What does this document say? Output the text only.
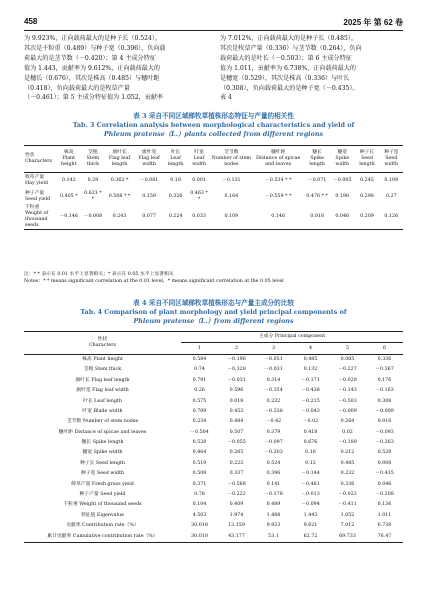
458	2025 年 第 62 卷

为 9.923%，正向载荷最大的是种子长（0.524），

其次是千粒重（0.489）与种子宽（0.396），负向载

荷最大的是茎节数（－0.420）；第 4 主成分特征

值为 1.443，贡献率为 9.612%，正向载荷最大的

是穗长（0.676），其次是株高（0.485）与穗叶距

（0.418），负向载荷最大的是牧草产量

（－0.461）；第 5 主成分特征值为 1.052，贡献率

为 7.012%，正向载荷最大的是种子长（0.485），

其次是牧草产量（0.336）与茎节数（0.264），负向

载荷最大的是叶长（－0.503）；第 6 主成分特征

值为 1.011，贡献率为 6.738%，正向载荷最大的

是穗宽（0.529），其次是株高（0.336）与叶长

（0.308），负向载荷最大的是种子宽（－0.435）。

表 4

表 3 采自不同区域梯牧草植株形态特征与产量的相关性
Tab. 3 Correlation analysis between morphological characteristics and yield of
Phleum pratense（L.）plants collected from different regions
性状
Characters	株高
Plant height	茎粗
Stem thick	旗叶长
Flag leaf length	旗叶宽
Flag leaf width	叶长
Leaf length	叶宽
Leaf width	茎节数
Number of stem nodes	穗叶距
Distance of spicae and leaves	穗长
Spike length	穗宽
Spike width	种子长
Seed length	种子宽
Seed width
牧草产量
Hay yield	0.142	0.29	0.362 *	－0.081	0.18	0.001	－0.131	－0.534 * *	－0.071	－0.005	0.245	0.109
种子产量
Seed yield	0.405 *	0.621 * *	0.508 * *	0.159	0.326	0.463 * *	0.164	－0.559 * *	0.476 * *	0.198	0.298	0.27
千粒重
Weight of thousand seeds	－0.146	－0.008	0.243	0.077	0.224	0.033	0.109	0.146	0.018	0.046	0.209	0.126
注：* * 表示在 0.01 水平上显著相关；* 表示在 0.05 水平上显著相关
Notes：* * means significant correlation at the 0.01 level，* means significant correlation at the 0.05 level
表 4 采自不同区域梯牧草植株形态与产量主成分的比较
Tab. 4 Comparison of plant morphology and yield principal components of
Phleum pratense（L.）from different regions
性状
Characters	主成分 Principal component					
	1	2	3	4	5	6
株高 Plant height	0.584	－0.196	－0.051	0.485	0.065	0.336
茎粗 Stem thick	0.74	－0.328	－0.031	0.132	－0.227	－0.367
旗叶长 Flag leaf length	0.791	－0.031	0.314	－0.171	－0.028	0.176
旗叶宽 Flag leaf width	0.26	0.596	－0.354	－0.438	－0.143	－0.163
叶长 Leaf length	0.575	0.018	0.232	－0.215	－0.503	0.308
叶宽 Blade width	0.709	0.452	－0.338	－0.043	－0.009	－0.009
茎节数 Number of stem nodes	0.234	0.484	－0.42	－0.02	0.264	0.016
穗叶距 Distance of spicae and leaves	－0.504	0.507	0.379	0.418	0.02	－0.093
穗长 Spike length	0.528	－0.055	－0.097	0.676	－0.189	－0.263
穗宽 Spike width	0.464	0.265	－0.203	0.18	0.212	0.529
种子长 Seed length	0.519	0.222	0.524	0.12	0.485	0.008
种子宽 Seed width	0.508	0.337	0.396	－0.144	0.232	－0.435
鲜草产量 Fresh grass yield	0.371	－0.568	0.141	－0.461	0.336	0.046
种子产量 Seed yield	0.78	－0.222	－0.178	－0.013	－0.022	－0.208
千粒重 Weight of thousand seeds	0.104	0.409	0.489	－0.094	－0.411	0.136
特征值 Eigenvalue	4.503	1.974	1.488	1.443	1.052	1.011
贡献率 Contribution rate（%）	30.018	13.159	9.923	9.621	7.012	6.738
累计贡献率 Cumulative contribution rate（%）	30.018	43.177	53.1	62.72	69.733	76.47
